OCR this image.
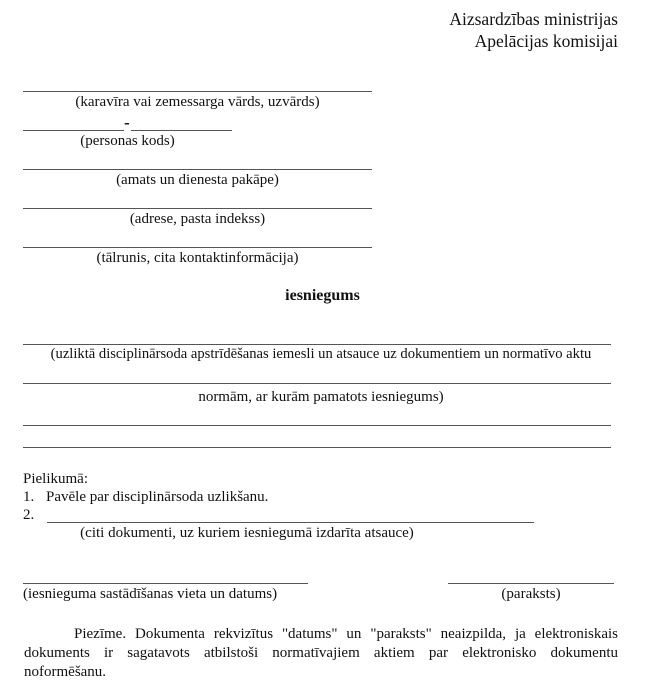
Aizsardzības ministrijas
Apelācijas komisijai
(karavīra vai zemessarga vārds, uzvārds)
-
(personas kods)
(amats un dienesta pakāpe)
(adrese, pasta indekss)
(tālrunis, cita kontaktinformācija)
iesniegums
(uzliktā disciplinārsoda apstrīdēšanas iemesli un atsauce uz dokumentiem un normatīvo aktu
normām, ar kurām pamatots iesniegums)
Pielikumā:
1. Pavēle par disciplinārsoda uzlikšanu.
2.
(citi dokumenti, uz kuriem iesniegumā izdarīta atsauce)
(iesnieguma sastādīšanas vieta un datums)	(paraksts)
Piezīme. Dokumenta rekvizītus "datums" un "paraksts" neaizpilda, ja elektroniskais dokuments ir sagatavots atbilstoši normatīvajiem aktiem par elektronisko dokumentu noformēšanu.
